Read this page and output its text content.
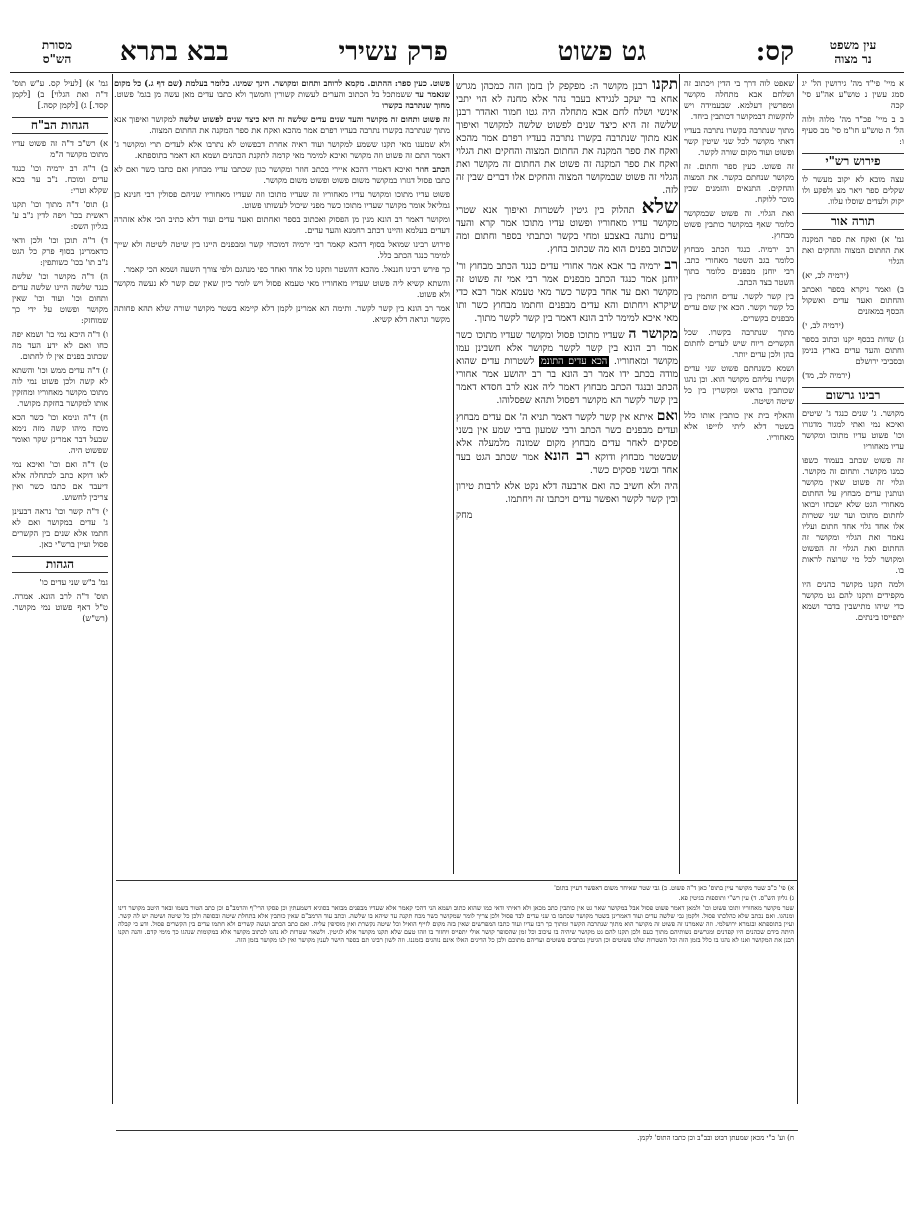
קס:
גט פשוט
פרק עשירי
בבא בתרא	עין משפט
נר מצוה
מסורת
הש"ס

א מיי' פי"ד מה' גירושין הל' יג סמג עשין נ טוש"ע אה"ע סי' קכה

ב ב מיי' פכ"ד מה' מלוה ולוה הל' ה טוש"ע חו"מ סי' מב סעיף ו:

פירוש רש"י

עצה מובא לא יקוב מעשר לו שקלים ספר ויאר מצ ולפקע ולו יקוק ולעדים שוסלו עלוו.

תורה אור

גמ' א) ואקח את ספר המקנה את החתום המצוה והחקים ואת הגלוי

(ירמיה לב, יא)

ב) ואמר ניקרא בספר ואכתב והחתום ואעד עדים ואשקול הכסף במאזנים

(ירמיה לב, י)

ג) שדות בכסף יקנו וכתוב בספר וחתום והעד עדים בארץ בנימן ובסביבי ירושלם

(ירמיה לב, מד)

רבינו גרשום

מקושר. ג' שנים כנגד ג' שיטים ואיכא נמי ואתי למגור מדגזרו וכו' פשוט עדיו מתוכו ומקושר עדיו מאחוריו

זה פשוט שכתב בעמוד כשפו כמנו מקושר. ותחום זה מקושר. וגלוי זה פשוט שאין מקושר ונותנין עדים מבחוץ על החתום מאחורי הגט שלא ישכחו ויבואו לחתום מתוכו ועד שני שטרות אלו אחד גלוי אחד חתום ועליו נאמר ואת הגלוי ומקושר זה החתום ואת הגלוי זה הפשוט ומקושר לכל מי שרוצה לראות בו.

ולמה תקנו מקושר כהנים היו מקפידים ותקנו להם גט מקושר כדי שיהו מתישבין בדבר ושמא יתפייסו בינתים.

גמ' א) [לעיל קס. ע"ש תוס' ד"ה ואת הגלוי] ב) [לקמן קסד.] ג) [לקמן קסה.]

הגהות הב"ח

א) רש"ב ד"ה זה פשוט עדיו מתוכו מקושר ה"מ

ב) ד"ה רב ירמיה וכו' כנגד עדים ומוכח. נ"ב ער בכא שקלא וטרי:

ג) תוס' ד"ה מתוך וכו' תקנו ראשית בכו' ויפה לדין נ"ב ע' בגליון השס:

ד) ד"ה תוכן וכו' ולכן ודאי כדאמרינן בסוף פרק כל הגט נ"ב תו' בכו' כשותפין:

ה) ד"ה מקושר וכו' שלשה כנגד שלשה היינו שלשה עדים ותחום וכו' ועוד וכו' שאין מקושר ופשוט על ידי כך שמוחזק:

ו) ד"ה היכא נמי כו' ושמא יפה כחו ואם לא ידע העד מה שכתוב בפנים אין לו לחתום.

ז) ד"ה עדים ממש וכו' והשתא לא קשה ולכן פשוט נמי לוה מתוכו מקושר מאחוריו ומחזקין אותו למקושר בחזקת מקושר.

ח) ד"ה ונימא וכו' כשר הכא מוכח מיהו קשה מזה נימא שבעל דבר אמרינן שקר ואומר שפשוט היה.

ט) ד"ה ואם וכו' ואיכא נמי לאו דוקא כתב לכתחלה אלא דיעבד אם כתבו כשר ואין צריכין לחשוש.

י) ד"ה קשר וכו' נראה דבעינן ג' עדים במקושר ואם לא חתמו אלא שנים בין הקשרים פסול ועיין ברש"י כאן.

הגהות

גמ' ב"ש שני עדים כו'

תוס' ד"ה לרב הונא. אמרה. ט"ל דאף פשוט נמי מקושר. (רש"ש)

תקנו רבנן מקושר ה: מפקפק לן בזמן הזה כמכהן מגרש אחא בר יעקב לנגידא בעבר נהר אלא מחנה לא הוי יתבי אינשי ושלח לחם אבא מתחלה היה גטו חמור ואהדר רבנן שלשה זה היא כיצד שנים לפשוט שלשה למקושר ואיפוך אנא מתוך שנתרבה בקשרו נתרבה בעדיו רפרם אמר מהכא ואקח את ספר המקנה את החתום המצוה והחקים ואת הגלוי ואקח את ספר המקנה זה פשוט את החתום זה מקושר ואת הגלוי זה פשוט שבמקושר המצוה והחקים אלו דברים שבין זה לזה.

שלא תהלוק בין גיטין לשטרות ואיפוך אנא שטרי מקושר עדיו מאחוריו ופשוט עדיו מתוכו אמר קרא והעד עדים נותנה באצבע ומחי בקשר וכתבתי בספר וחתום ומה שכתוב בפנים הוא מה שכתוב בחוץ.

רב ירמיה בר אבא אמר אחורי עדים כנגד הכתב מבחוץ ור' יוחנן אמר כנגד הכתב מבפנים אמר רבי אמי זה פשוט זה מקושר ואם עד אחד בקשר כשר מאי טעמא אמר רבא כדי שיקרא ויחתום והא עדים מבפנים וחתמו מבחוץ כשר ותו מאי איכא למימר לרב הונא דאמר בין קשר לקשר מתוך.

מקושר ה שעדיו מתוכו פסול ומקושר שעדיו מתוכו כשר אמר רב הונא בין קשר לקשר מקושר אלא חשבינן עמו מקושר ומאחוריו. הכא עדים התונמ לשטרות עדים שהוא מודה בכתב ידו אמר רב הונא בר רב יהושע אמר אחורי הכתב ובנגד הכתב מבחוץ דאמר ליה אנא לרב חסדא דאמר בין קשר לקשר הא מקושר דפסול ותהא שפסלוהו.

ואם איתא אין קשר לקשר דאמר תניא ה' אם עדים מבחוץ ועדים מבפנים כשר הכתב ורבי שמעון ברבי שמע אין בשני פסקים לאחר עדים מבחוץ מקום שמונה מלמעלה אלא שבשטר מבחוץ ודוקא רב הונא אמר שכתב הגט בעד אחד ובשני פסקים כשר.

היה ולא חשיב כה ואם ארבעה דלא נקט אלא לרבות טירון ובין קשר לקשר ואפשר עדים ויכתבו זה ויחתמו.

מחק

שאפט לוה דרך בי הדין ויכתוב זה ושלחם אבא מתחלה מקושר ומפרשין דעלמא. שבעמידה ויש להקשות דבמקושר דכותבין ביחד.

מתוך שנתרבה בקשרו נתרבה בעדיו דאתי מקושר לכל שני שיטין קשר ופשוט ועוד מקום שורה לקשר.

זה פשוט. כעין ספר וחתום. זה מקושר שנחתם בקשר. את המצוה והחקים. התנאים והזמנים שבין מוכר ללוקח.

ואת הגלוי. זה פשוט שבמקושר כלומר שאף במקושר כותבין פשוט מבחוץ.

רב ירמיה. כנגד הכתב מבחוץ כלומר בגב השטר מאחורי כתב. רבי יוחנן מבפנים כלומר בתוך השטר בצד הכתב.

בין קשר לקשר. עדים חותמין בין כל קשר וקשר. הכא אין שום עדים מבפנים בקשרים.

מתוך שנתרבה בקשרו. שכל הקשרים ריוח שיש לעדים לחתום בהן ולכן עדים יותר.

ושמא כשנחתם פשוט שני עדים וקשרו עליהם מקושר הוא. וכן נהגו שכותבין בראש ומקשרין בין כל שיטה ושיטה.

והאלף בית אין כותבין אותו כלל בשטר דלא ליתי לזייפו אלא מאחוריו.

פשוט. כעין ספר: ההתום. מקמא לרוחב ותחום ומקושר. הינך שמינו. כלומר בעלמת (שם דף ג.) כל מקום שנאמר עד ששמתכל בל הכתוב והערים לעשות קשורין וחמשך ולא כתבו עדים מאן עשה מן בגמ' פשוט. מחוך שנתרבה בקשרו

זה פשוט ותחום זה מקושר והעד שנים עדים שלשה זה היא כיצד שנים לפשוט שלשה למקושר ואיפוך אנא מתוך שנתרבה בקשרו נתרבה בעדיו רפרם אמר מהכא ואקח את ספר המקנה את החתום המצוה.

ולא שמענו מאי תקנו ששמע למקושר ועוד ראיה אחרת דבפשוט לא נתרבו אלא לעדים תרי ומקושר ג' דאמר התם זה פשוט וזה מקושר ואיכא למימר מאי קדמה לתקנת הכהנים ושמא הא דאמר בתוספתא.

הכתב חוזר ואיכא דאמרי דהכא איירי בכתב חוזר ומקושר כגון שכתבו עדיו מבחוץ ואם כתבו כשר ואם לא כתבו פסול דגזרו במקושר משום פשוט ופשוט משום מקושר.

פשוט עדיו מתוכו ומקושר עדיו מאחוריו זה שעדיו מתוכו וזה שעדיו מאחוריו שניהם פסולין רבי חנינא בן גמליאל אומר מקושר שעדיו מתוכו כשר מפני שיכול לעשותו פשוט.

ומקושר דאמר רב הונא מנין מן הפסוק ואכתוב בספר ואחתום ואעד עדים ועוד דלא כתיב הכי אלא אזהרה דעדים בעלמא והיינו דכתב רחמנא והעד עדים.

פירוש רבינו שמואל בסוף דהכא קאמר רבי ירמיה דמוכחי קשר ומבפנים היינו בין שיטה לשיטה ולא שייך למימר כנגד הכתב כלל.

כך פירש רבינו חננאל. מהכא דהשטר ותקנו כל אחד ואחד כפי מנהגם ולפי צורך השעה ושמא הכי קאמר.

והשתא קשיא ליה פשוט שעדיו מאחוריו מאי טעמא פסול ויש לומר כיון שאין שם קשר לא נעשה מקושר ולא פשוט.

אמר רב הונא בין קשר לקשר. ותימה הא אמרינן לקמן דלא קיימא בשטר מקושר שורה שלא תהא פחותה מקשר ונראה דלא קשיא.

א) פי' כ"ב שטר מקושר עיין בתוס' כאן ד"ה פשוט. ב) גבי שטר שאיחר משום דאפשר דעיין בתום'

ג) גליון הש"ס. ד) עין רש"י ותוספות בגיטין פא.

שטר מקושר מאחוריו ותוכו פשוט וכו' ולמאן דאמר פשוט פסול אבל במקושר שאר גט אין כותבין כתב מכאן ולא ראיתי ודאי כמו שהוא כתוב ושמא הני דהכי קאמר אלא שעדיו מבפנים מבואר בסוגיא דשמעתין וכן פסקו הרי"ף והרמב"ם וכן כתב הטור בשמו ובאר היטב מקושר דינו ומנהגו. ואם נכתב שלא כהלכתו פסול. ולקמן גבי שלשה עדים ועוד דאמרינן בשטר מקושר שכתבו בו שני עדים לבד פסול ולכן צריך לומר שמקושר כשר מכח תקנה עד שיהא בו שלשה. וכתב עוד הרמב"ם שאין כותבין אלא בתחלת שיטה ובסופה ולכן כל שיטה ושיטה יש לה קשר. ועיין בתוספתא ובגמרא ירושלמי. וזה שאמרנו זה פשוט זה מקושר הוא מתוך שנתרבה הקשר ומתוך כך רבו עדיו ועוד כתבו המפרשים שאין בזה מקום לזייף הואיל וכל שיטה נקשרת ואין מוסיפין עליה. ואם כתב הכתב ועשה קשרים ולא חתמו עדים בין הקשרים פסול. ודע כי קבלה היתה בידם שכהנים היו קפדנים ומגרשים נשותיהם מתוך כעס ולכן תקנו להם גט מקושר שיהיה בו עיכוב וכל זמן שהסופר קושר אולי יתפייס ויחזור בו וזהו טעם שלא תקנו מקושר אלא לגיטין. ולשאר שטרות לא נהגו לכתוב מקושר אלא במקומות שנהגו כך מימי קדם. והנה תקנו רבנן את המקושר ואנו לא נהגו בו כלל בזמן הזה וכל השטרות שלנו פשוטים וכן הגיטין נכתבים פשוטים ועדיהם מתוכם ולכן כל הדינים האלו אינם נוהגים בזמננו. וזה לשון רבינו תם בספר הישר לענין מקושר ואין לנו מקושר בזמן הזה.

ח) וע' ב"י מכאן שמעתן דבוט ובב"ב וכן כתבו התוס' לקמן.
